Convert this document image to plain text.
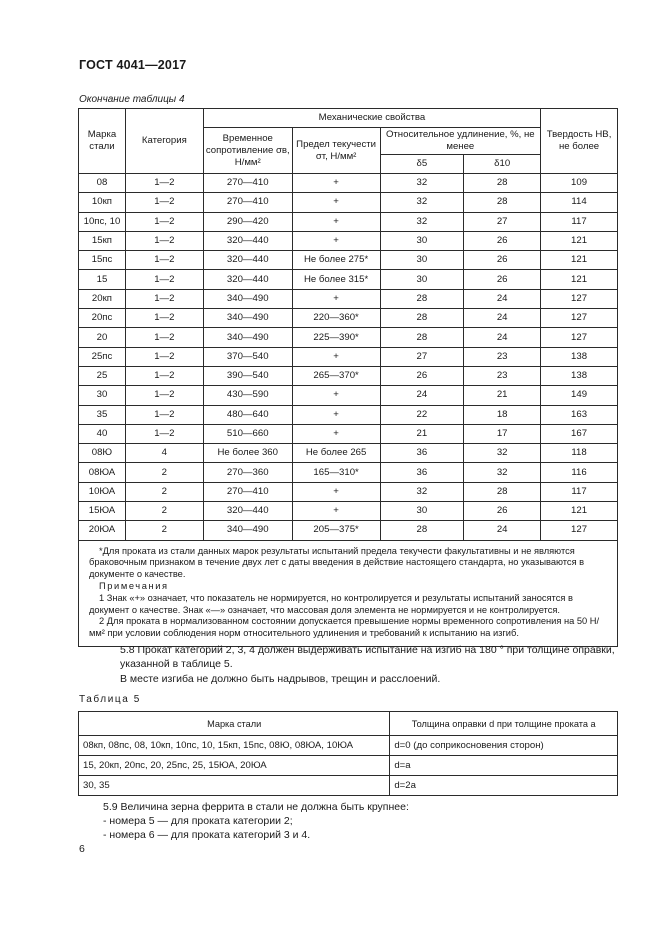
ГОСТ 4041—2017
Окончание таблицы 4
Марка стали	Категория	Механические свойства				Твердость НВ, не более
		Временное сопротивление σв, Н/мм²	Предел текучести σт, Н/мм²	Относительное удлинение, %, не менее		
				δ5	δ10	
08	1—2	270—410	+	32	28	109
10кп	1—2	270—410	+	32	28	114
10пс, 10	1—2	290—420	+	32	27	117
15кп	1—2	320—440	+	30	26	121
15пс	1—2	320—440	Не более 275*	30	26	121
15	1—2	320—440	Не более 315*	30	26	121
20кп	1—2	340—490	+	28	24	127
20пс	1—2	340—490	220—360*	28	24	127
20	1—2	340—490	225—390*	28	24	127
25пс	1—2	370—540	+	27	23	138
25	1—2	390—540	265—370*	26	23	138
30	1—2	430—590	+	24	21	149
35	1—2	480—640	+	22	18	163
40	1—2	510—660	+	21	17	167
08Ю	4	Не более 360	Не более 265	36	32	118
08ЮА	2	270—360	165—310*	36	32	116
10ЮА	2	270—410	+	32	28	117
15ЮА	2	320—440	+	30	26	121
20ЮА	2	340—490	205—375*	28	24	127

*Для проката из стали данных марок результаты испытаний предела текучести факультативны и не являются браковочным признаком в течение двух лет с даты введения в действие настоящего стандарта, но указываются в документе о качестве.

Примечания

1 Знак «+» означает, что показатель не нормируется, но контролируется и результаты испытаний заносятся в документ о качестве. Знак «—» означает, что массовая доля элемента не нормируется и не контролируется.

2 Для проката в нормализованном состоянии допускается превышение нормы временного сопротивления на 50 Н/мм² при условии соблюдения норм относительного удлинения и требований к испытанию на изгиб.						

5.8 Прокат категорий 2, 3, 4 должен выдерживать испытание на изгиб на 180 ° при толщине оправки, указанной в таблице 5.
В месте изгиба не должно быть надрывов, трещин и расслоений.
Таблица 5
Марка стали	Толщина оправки d при толщине проката a
08кп, 08пс, 08, 10кп, 10пс, 10, 15кп, 15пс, 08Ю, 08ЮА, 10ЮА	d=0 (до соприкосновения сторон)
15, 20кп, 20пс, 20, 25пс, 25, 15ЮА, 20ЮА	d=a
30, 35	d=2a
5.9 Величина зерна феррита в стали не должна быть крупнее:
- номера 5 — для проката категории 2;
- номера 6 — для проката категорий 3 и 4.
6
